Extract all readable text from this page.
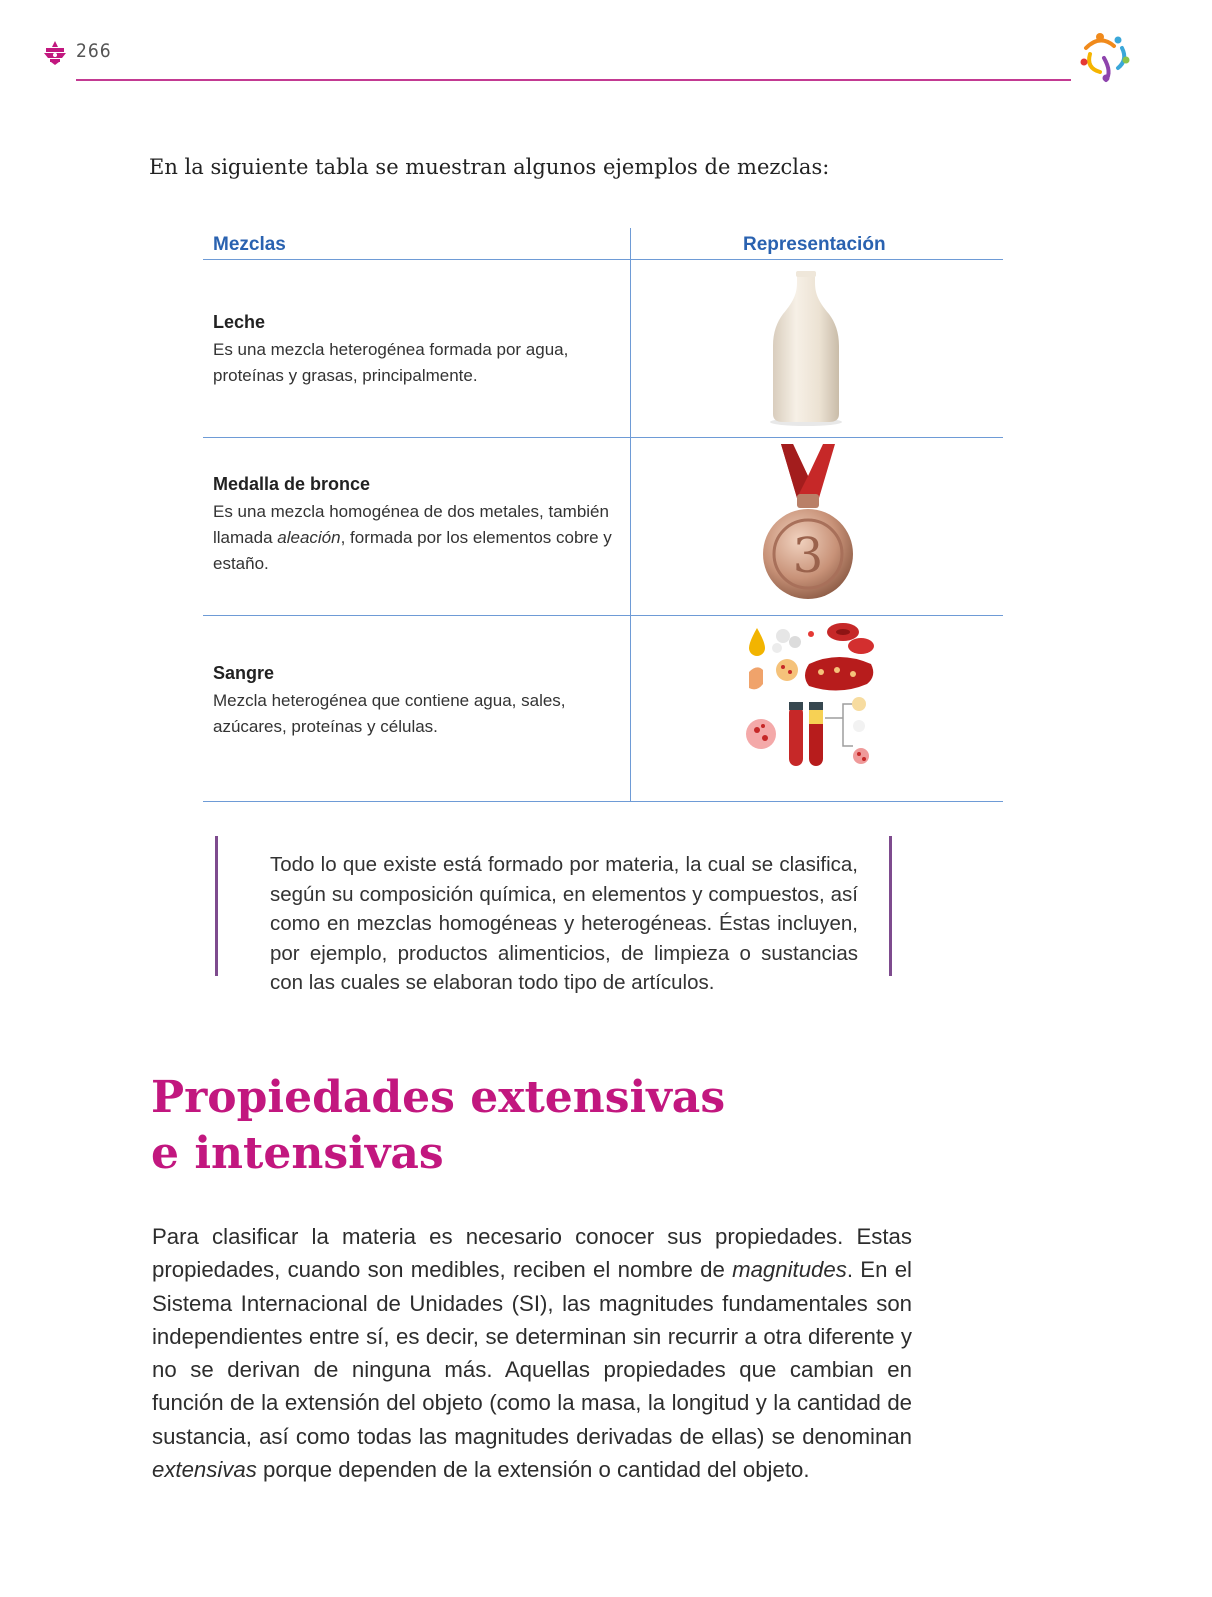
266
En la siguiente tabla se muestran algunos ejemplos de mezclas:
Mezclas	Representación
Leche
Es una mezcla heterogénea formada por agua, proteínas y grasas, principalmente.
Medalla de bronce
Es una mezcla homogénea de dos metales, también llamada aleación, formada por los elementos cobre y estaño.	3
Sangre
Mezcla heterogénea que contiene agua, sales, azúcares, proteínas y células.
Todo lo que existe está formado por materia, la cual se clasifica, según su composición química, en elementos y compuestos, así como en mezclas homogéneas y heterogéneas. Éstas incluyen, por ejemplo, productos alimenticios, de limpieza o sustancias con las cuales se elaboran todo tipo de artículos.
Propiedades extensivas
e intensivas
Para clasificar la materia es necesario conocer sus propiedades. Estas propiedades, cuando son medibles, reciben el nombre de magnitudes. En el Sistema Internacional de Unidades (SI), las magnitudes fundamentales son independientes entre sí, es decir, se determinan sin recurrir a otra diferente y no se derivan de ninguna más. Aquellas propiedades que cambian en función de la extensión del objeto (como la masa, la longitud y la cantidad de sustancia, así como todas las magnitudes derivadas de ellas) se denominan extensivas porque dependen de la extensión o cantidad del objeto.
